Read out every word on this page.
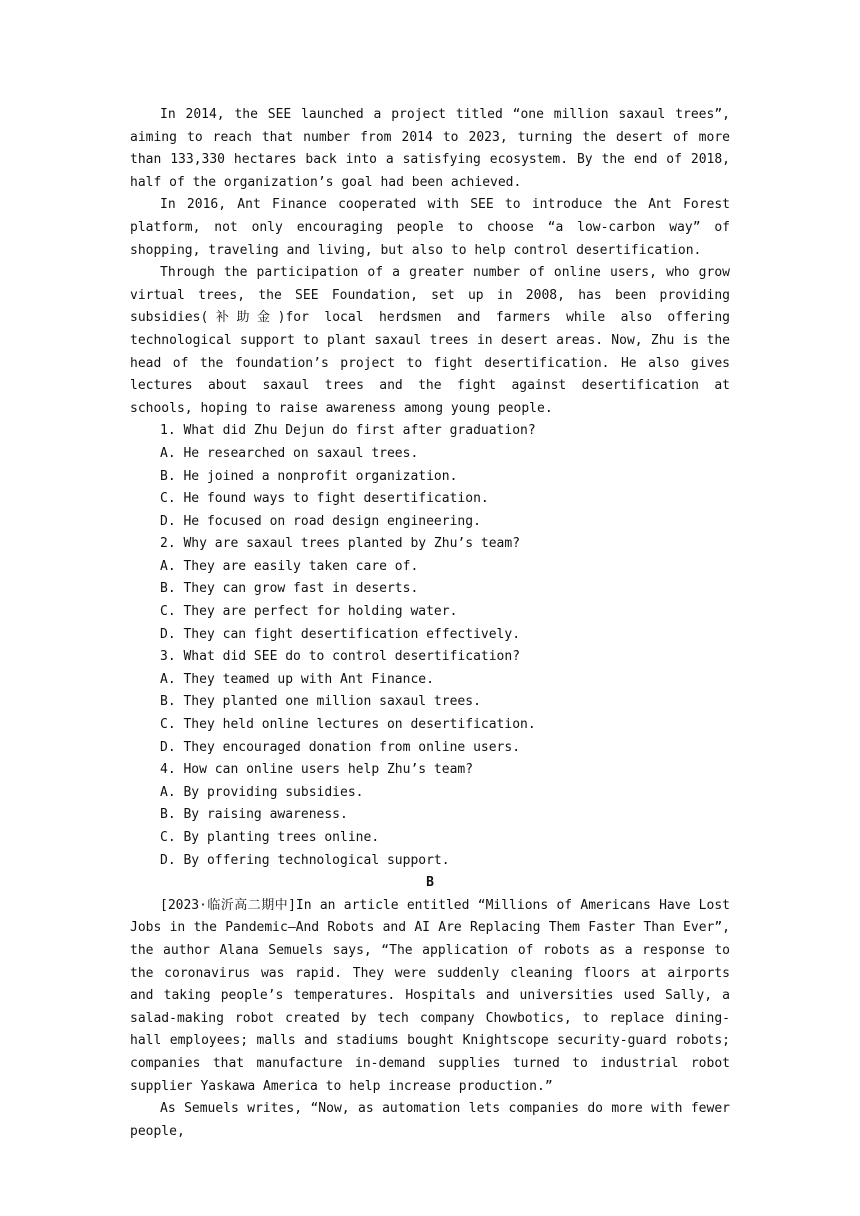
In 2014, the SEE launched a project titled “one million saxaul trees”, aiming to reach that number from 2014 to 2023, turning the desert of more than 133,330 hectares back into a satisfying ecosystem. By the end of 2018, half of the organization’s goal had been achieved.

In 2016, Ant Finance cooperated with SEE to introduce the Ant Forest platform, not only encouraging people to choose “a low-carbon way” of shopping, traveling and living, but also to help control desertification.

Through the participation of a greater number of online users, who grow virtual trees, the SEE Foundation, set up in 2008, has been providing subsidies(补助金)for local herdsmen and farmers while also offering technological support to plant saxaul trees in desert areas. Now, Zhu is the head of the foundation’s project to fight desertification. He also gives lectures about saxaul trees and the fight against desertification at schools, hoping to raise awareness among young people.

1. What did Zhu Dejun do first after graduation?

A. He researched on saxaul trees.

B. He joined a nonprofit organization.

C. He found ways to fight desertification.

D. He focused on road design engineering.

2. Why are saxaul trees planted by Zhu’s team?

A. They are easily taken care of.

B. They can grow fast in deserts.

C. They are perfect for holding water.

D. They can fight desertification effectively.

3. What did SEE do to control desertification?

A. They teamed up with Ant Finance.

B. They planted one million saxaul trees.

C. They held online lectures on desertification.

D. They encouraged donation from online users.

4. How can online users help Zhu’s team?

A. By providing subsidies.

B. By raising awareness.

C. By planting trees online.

D. By offering technological support.

B

[2023·临沂高二期中]In an article entitled “Millions of Americans Have Lost Jobs in the Pandemic—And Robots and AI Are Replacing Them Faster Than Ever”, the author Alana Semuels says, “The application of robots as a response to the coronavirus was rapid. They were suddenly cleaning floors at airports and taking people’s temperatures. Hospitals and universities used Sally, a salad-making robot created by tech company Chowbotics, to replace dining-hall employees; malls and stadiums bought Knightscope security-guard robots; companies that manufacture in-demand supplies turned to industrial robot supplier Yaskawa America to help increase production.”

As Semuels writes, “Now, as automation lets companies do more with fewer people,
